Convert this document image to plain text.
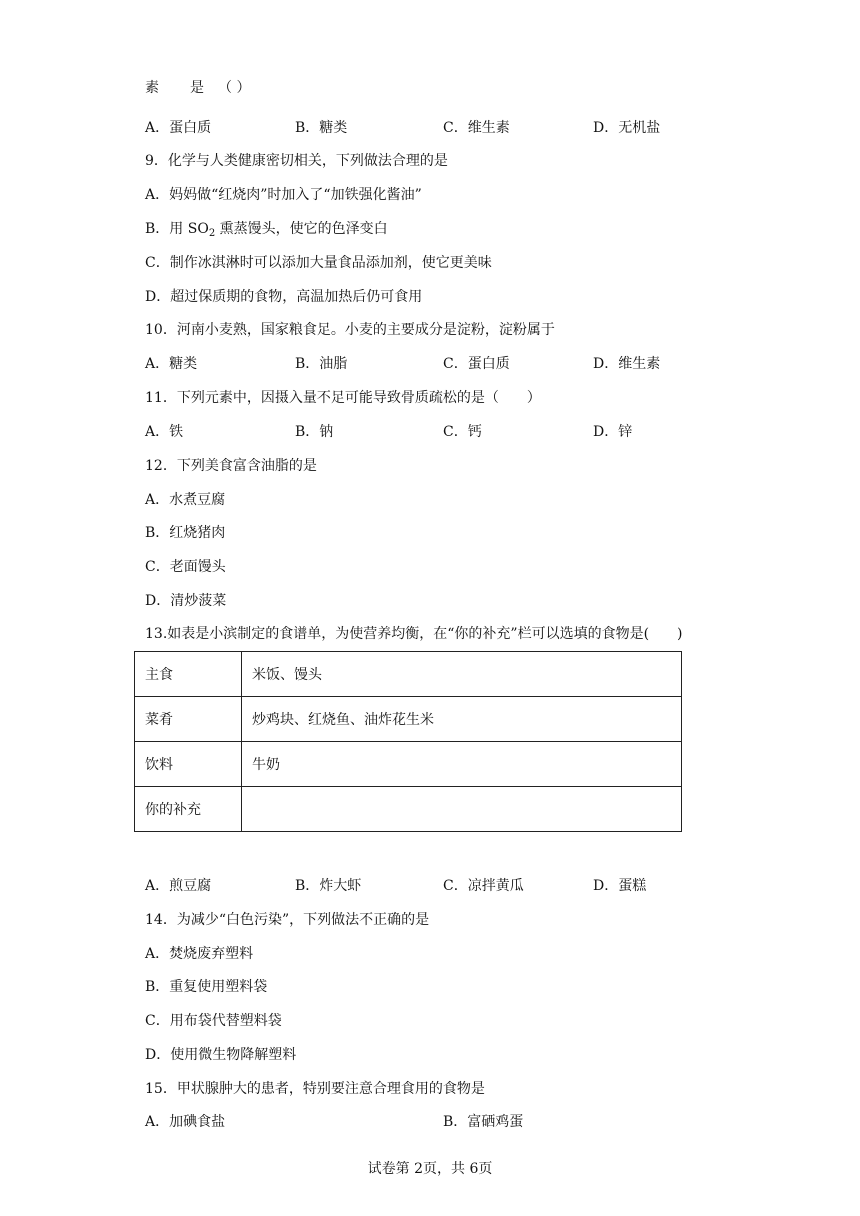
素 是 （ ）
A．蛋白质	B．糖类	C．维生素	D．无机盐
9．化学与人类健康密切相关，下列做法合理的是
A．妈妈做“红烧肉”时加入了“加铁强化酱油”
B．用 $SO_2$ 熏蒸馒头，使它的色泽变白
C．制作冰淇淋时可以添加大量食品添加剂，使它更美味
D．超过保质期的食物，高温加热后仍可食用
10．河南小麦熟，国家粮食足。小麦的主要成分是淀粉，淀粉属于
A．糖类	B．油脂	C．蛋白质	D．维生素
11．下列元素中，因摄入量不足可能导致骨质疏松的是（　　）
A．铁	B．钠	C．钙	D．锌
12．下列美食富含油脂的是
A．水煮豆腐
B．红烧猪肉
C．老面馒头
D．清炒菠菜
13.如表是小滨制定的食谱单，为使营养均衡，在“你的补充”栏可以选填的食物是(　　)
主食	米饭、馒头
菜肴	炒鸡块、红烧鱼、油炸花生米
饮料	牛奶
你的补充	
A．煎豆腐	B．炸大虾	C．凉拌黄瓜	D．蛋糕
14．为减少“白色污染”，下列做法不正确的是
A．焚烧废弃塑料
B．重复使用塑料袋
C．用布袋代替塑料袋
D．使用微生物降解塑料
15．甲状腺肿大的患者，特别要注意合理食用的食物是
A．加碘食盐	B．富硒鸡蛋
试卷第 2页，共 6页
